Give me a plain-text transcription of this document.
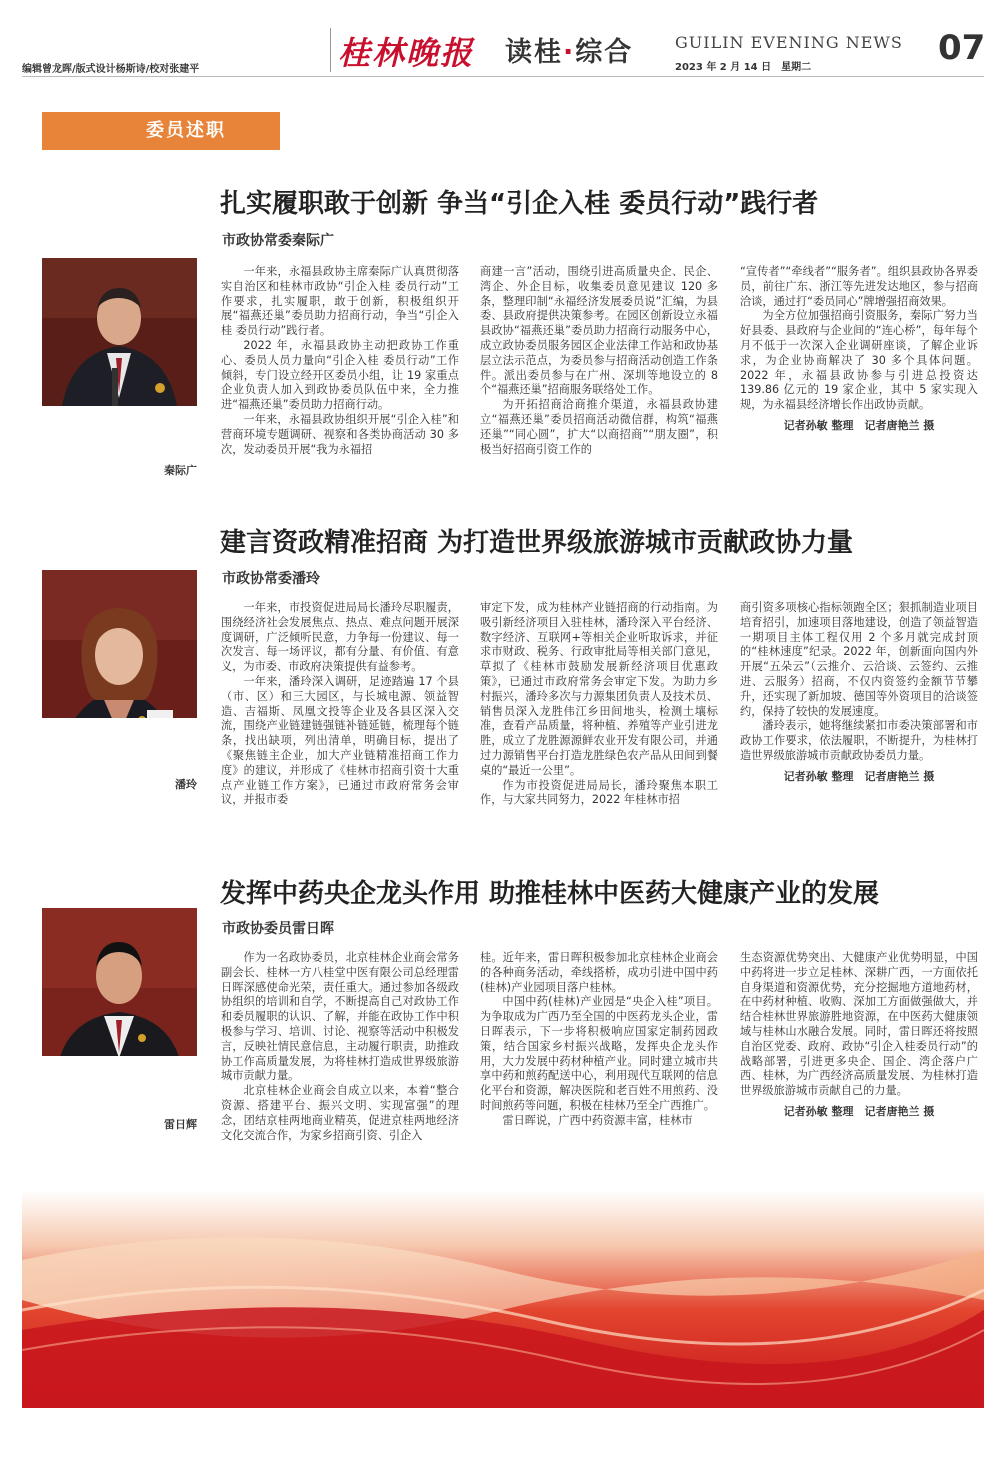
编辑曾龙晖/版式设计杨斯诗/校对张建平	桂林晚报 读桂·综合	GUILIN EVENING NEWS
2023 年 2 月 14 日　星期二	07
委员述职
扎实履职敢于创新 争当“引企入桂 委员行动”践行者
市政协常委秦际广
秦际广

一年来，永福县政协主席秦际广认真贯彻落实自治区和桂林市政协“引企入桂 委员行动”工作要求，扎实履职，敢于创新，积极组织开展“福燕还巢”委员助力招商行动，争当“引企入桂 委员行动”践行者。

2022 年，永福县政协主动把政协工作重心、委员人员力量向“引企入桂 委员行动”工作倾斜，专门设立经开区委员小组，让 19 家重点企业负责人加入到政协委员队伍中来，全力推进“福燕还巢”委员助力招商行动。

一年来，永福县政协组织开展“引企入桂”和营商环境专题调研、视察和各类协商活动 30 多次，发动委员开展“我为永福招

商建一言”活动，围绕引进高质量央企、民企、湾企、外企目标，收集委员意见建议 120 多条，整理印制“永福经济发展委员说”汇编，为县委、县政府提供决策参考。在园区创新设立永福县政协“福燕还巢”委员助力招商行动服务中心，成立政协委员服务园区企业法律工作站和政协基层立法示范点，为委员参与招商活动创造工作条件。派出委员参与在广州、深圳等地设立的 8 个“福燕还巢”招商服务联络处工作。

为开拓招商洽商推介渠道，永福县政协建立“福燕还巢”委员招商活动微信群，构筑“福燕还巢”“同心圆”，扩大“以商招商”“朋友圈”，积极当好招商引资工作的

“宣传者”“牵线者”“服务者”。组织县政协各界委员，前往广东、浙江等先进发达地区，参与招商洽谈，通过打“委员同心”牌增强招商效果。

为全方位加强招商引资服务，秦际广努力当好县委、县政府与企业间的“连心桥”，每年每个月不低于一次深入企业调研座谈，了解企业诉求，为企业协商解决了 30 多个具体问题。2022 年，永福县政协参与引进总投资达 139.86 亿元的 19 家企业，其中 5 家实现入规，为永福县经济增长作出政协贡献。

记者孙敏 整理　记者唐艳兰 摄
建言资政精准招商 为打造世界级旅游城市贡献政协力量
市政协常委潘玲
潘玲

一年来，市投资促进局局长潘玲尽职履责，围绕经济社会发展焦点、热点、难点问题开展深度调研，广泛倾听民意，力争每一份建议、每一次发言、每一场评议，都有分量、有价值、有意义，为市委、市政府决策提供有益参考。

一年来，潘玲深入调研，足迹踏遍 17 个县（市、区）和三大园区，与长城电源、领益智造、吉福斯、凤凰文投等企业及各县区深入交流，围绕产业链建链强链补链延链，梳理每个链条，找出缺项，列出清单，明确目标，提出了《聚焦链主企业，加大产业链精准招商工作力度》的建议，并形成了《桂林市招商引资十大重点产业链工作方案》，已通过市政府常务会审议，并报市委

审定下发，成为桂林产业链招商的行动指南。为吸引新经济项目入驻桂林，潘玲深入平台经济、数字经济、互联网+等相关企业听取诉求，并征求市财政、税务、行政审批局等相关部门意见，草拟了《桂林市鼓励发展新经济项目优惠政策》，已通过市政府常务会审定下发。为助力乡村振兴，潘玲多次与力源集团负责人及技术员、销售员深入龙胜伟江乡田间地头，检测土壤标准，查看产品质量，将种植、养殖等产业引进龙胜，成立了龙胜源源鲜农业开发有限公司，并通过力源销售平台打造龙胜绿色农产品从田间到餐桌的“最近一公里”。

作为市投资促进局局长，潘玲聚焦本职工作，与大家共同努力，2022 年桂林市招

商引资多项核心指标领跑全区；狠抓制造业项目培育招引，加速项目落地建设，创造了领益智造一期项目主体工程仅用 2 个多月就完成封顶的“桂林速度”纪录。2022 年，创新面向国内外开展“五朵云”（云推介、云洽谈、云签约、云推进、云服务）招商，不仅内资签约金额节节攀升，还实现了新加坡、德国等外资项目的洽谈签约，保持了较快的发展速度。

潘玲表示，她将继续紧扣市委决策部署和市政协工作要求，依法履职，不断提升，为桂林打造世界级旅游城市贡献政协委员力量。

记者孙敏 整理　记者唐艳兰 摄
发挥中药央企龙头作用 助推桂林中医药大健康产业的发展
市政协委员雷日晖
雷日辉

作为一名政协委员，北京桂林企业商会常务副会长、桂林一方八桂堂中医有限公司总经理雷日晖深感使命光荣，责任重大。通过参加各级政协组织的培训和自学，不断提高自己对政协工作和委员履职的认识、了解，并能在政协工作中积极参与学习、培训、讨论、视察等活动中积极发言，反映社情民意信息，主动履行职责，助推政协工作高质量发展，为将桂林打造成世界级旅游城市贡献力量。

北京桂林企业商会自成立以来，本着“整合资源、搭建平台、振兴文明、实现富强”的理念，团结京桂两地商业精英，促进京桂两地经济文化交流合作，为家乡招商引资、引企入

桂。近年来，雷日晖积极参加北京桂林企业商会的各种商务活动，牵线搭桥，成功引进中国中药(桂林)产业园项目落户桂林。

中国中药(桂林)产业园是“央企入桂”项目。为争取成为广西乃至全国的中医药龙头企业，雷日晖表示，下一步将积极响应国家定制药园政策，结合国家乡村振兴战略，发挥央企龙头作用，大力发展中药材种植产业。同时建立城市共享中药和煎药配送中心，利用现代互联网的信息化平台和资源，解决医院和老百姓不用煎药、没时间煎药等问题，积极在桂林乃至全广西推广。

雷日晖说，广西中药资源丰富，桂林市

生态资源优势突出、大健康产业优势明显，中国中药将进一步立足桂林、深耕广西，一方面依托自身渠道和资源优势，充分挖掘地方道地药材，在中药材种植、收购、深加工方面做强做大，并结合桂林世界旅游胜地资源，在中医药大健康领域与桂林山水融合发展。同时，雷日晖还将按照自治区党委、政府、政协“引企入桂委员行动”的战略部署，引进更多央企、国企、湾企落户广西、桂林，为广西经济高质量发展、为桂林打造世界级旅游城市贡献自己的力量。

记者孙敏 整理　记者唐艳兰 摄
